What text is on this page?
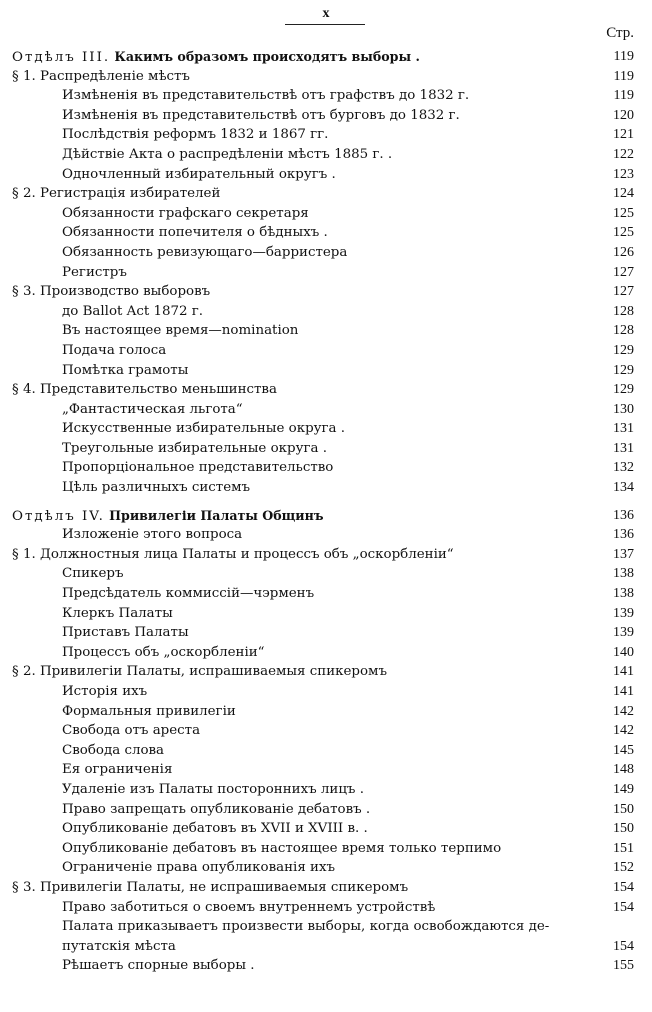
x
Стр.
Отдѣлъ III. Какимъ образомъ происходятъ выборы .	119
§ 1. Распредѣленіе мѣстъ	119
Измѣненія въ представительствѣ отъ графствъ до 1832 г.	119
Измѣненія въ представительствѣ отъ бурговъ до 1832 г.	120
Послѣдствія реформъ 1832 и 1867 гг.	121
Дѣйствіе Акта о распредѣленіи мѣстъ 1885 г. .	122
Одночленный избирательный округъ .	123
§ 2. Регистрація избирателей	124
Обязанности графскаго секретаря	125
Обязанности попечителя о бѣдныхъ .	125
Обязанность ревизующаго—барристера	126
Регистръ	127
§ 3. Производство выборовъ	127
до Ballot Act 1872 г.	128
Въ настоящее время—nomination	128
Подача голоса	129
Помѣтка грамоты	129
§ 4. Представительство меньшинства	129
„Фантастическая льгота“	130
Искусственные избирательные округа .	131
Треугольные избирательные округа .	131
Пропорціональное представительство	132
Цѣль различныхъ системъ	134
Отдѣлъ IV. Привилегіи Палаты Общинъ	136
Изложеніе этого вопроса	136
§ 1. Должностныя лица Палаты и процессъ объ „оскорбленіи“	137
Спикеръ	138
Предсѣдатель коммиссій—чэрменъ	138
Клеркъ Палаты	139
Приставъ Палаты	139
Процессъ объ „оскорбленіи“	140
§ 2. Привилегіи Палаты, испрашиваемыя спикеромъ	141
Исторія ихъ	141
Формальныя привилегіи	142
Свобода отъ ареста	142
Свобода слова	145
Ея ограниченія	148
Удаленіе изъ Палаты постороннихъ лицъ .	149
Право запрещать опубликованіе дебатовъ .	150
Опубликованіе дебатовъ въ XVII и XVIII в. .	150
Опубликованіе дебатовъ въ настоящее время только терпимо	151
Ограниченіе права опубликованія ихъ	152
§ 3. Привилегіи Палаты, не испрашиваемыя спикеромъ	154
Право заботиться о своемъ внутреннемъ устройствѣ	154
Палата приказываетъ произвести выборы, когда освобождаются де-
путатскія мѣста	154
Рѣшаетъ спорные выборы .	155
